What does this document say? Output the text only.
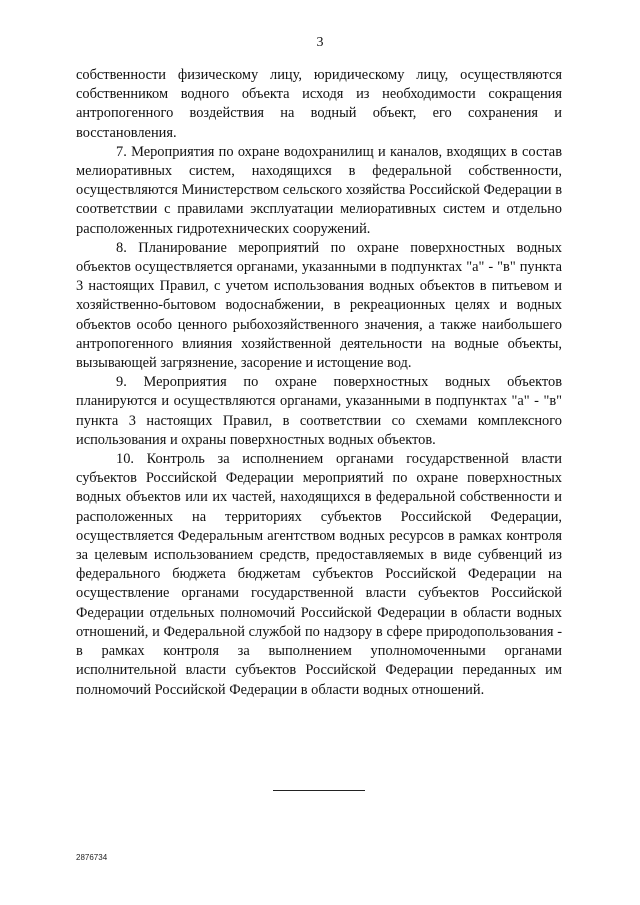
3

собственности физическому лицу, юридическому лицу, осуществляются собственником водного объекта исходя из необходимости сокращения антропогенного воздействия на водный объект, его сохранения и восстановления.

7. Мероприятия по охране водохранилищ и каналов, входящих в состав мелиоративных систем, находящихся в федеральной собственности, осуществляются Министерством сельского хозяйства Российской Федерации в соответствии с правилами эксплуатации мелиоративных систем и отдельно расположенных гидротехнических сооружений.

8. Планирование мероприятий по охране поверхностных водных объектов осуществляется органами, указанными в подпунктах "а" - "в" пункта 3 настоящих Правил, с учетом использования водных объектов в питьевом и хозяйственно-бытовом водоснабжении, в рекреационных целях и водных объектов особо ценного рыбохозяйственного значения, а также наибольшего антропогенного влияния хозяйственной деятельности на водные объекты, вызывающей загрязнение, засорение и истощение вод.

9. Мероприятия по охране поверхностных водных объектов планируются и осуществляются органами, указанными в подпунктах "а" - "в" пункта 3 настоящих Правил, в соответствии со схемами комплексного использования и охраны поверхностных водных объектов.

10. Контроль за исполнением органами государственной власти субъектов Российской Федерации мероприятий по охране поверхностных водных объектов или их частей, находящихся в федеральной собственности и расположенных на территориях субъектов Российской Федерации, осуществляется Федеральным агентством водных ресурсов в рамках контроля за целевым использованием средств, предоставляемых в виде субвенций из федерального бюджета бюджетам субъектов Российской Федерации на осуществление органами государственной власти субъектов Российской Федерации отдельных полномочий Российской Федерации в области водных отношений, и Федеральной службой по надзору в сфере природопользования - в рамках контроля за выполнением уполномоченными органами исполнительной власти субъектов Российской Федерации переданных им полномочий Российской Федерации в области водных отношений.

2876734
